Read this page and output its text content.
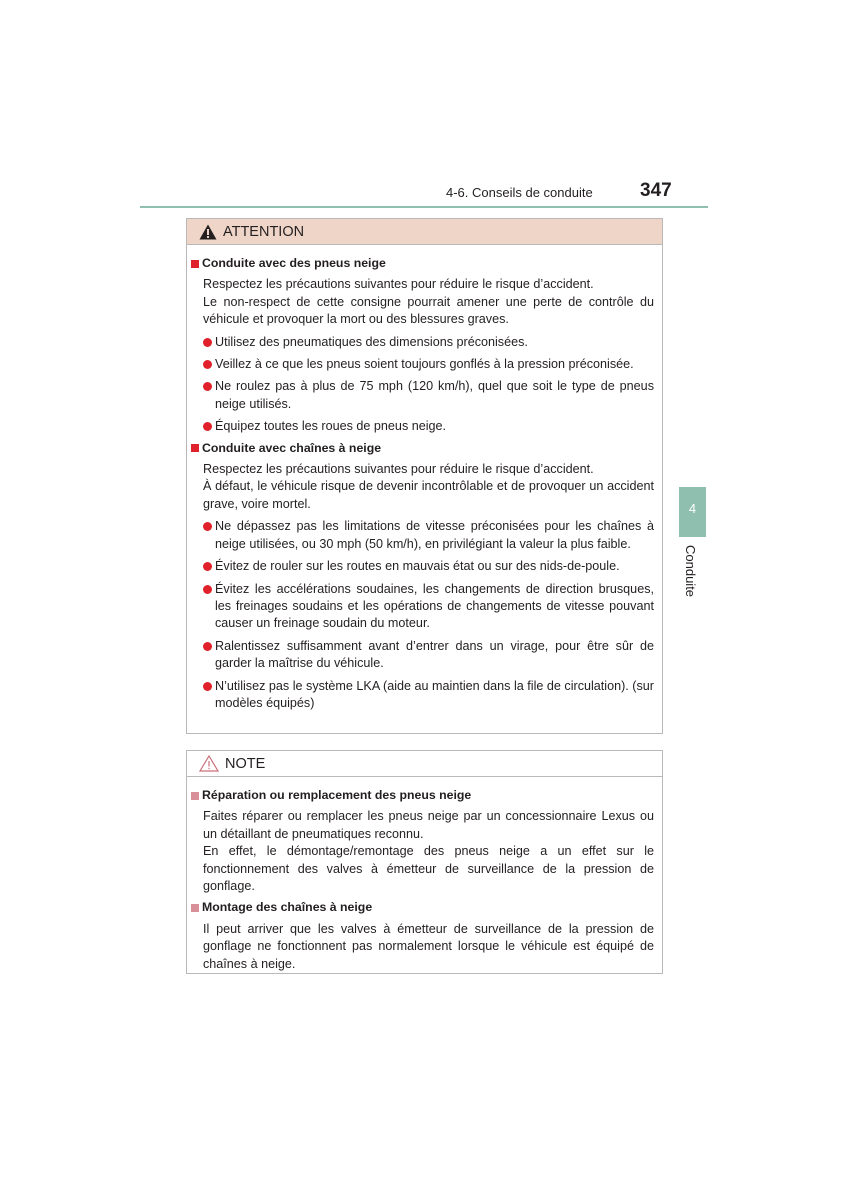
4-6. Conseils de conduite 347
4
Conduite
ATTENTION
Conduite avec des pneus neige
Respectez les précautions suivantes pour réduire le risque d’accident.
Le non-respect de cette consigne pourrait amener une perte de contrôle du véhicule et provoquer la mort ou des blessures graves.
Utilisez des pneumatiques des dimensions préconisées.
Veillez à ce que les pneus soient toujours gonflés à la pression préconisée.
Ne roulez pas à plus de 75 mph (120 km/h), quel que soit le type de pneus neige utilisés.
Équipez toutes les roues de pneus neige.
Conduite avec chaînes à neige
Respectez les précautions suivantes pour réduire le risque d’accident.
À défaut, le véhicule risque de devenir incontrôlable et de provoquer un accident grave, voire mortel.
Ne dépassez pas les limitations de vitesse préconisées pour les chaînes à neige utilisées, ou 30 mph (50 km/h), en privilégiant la valeur la plus faible.
Évitez de rouler sur les routes en mauvais état ou sur des nids-de-poule.
Évitez les accélérations soudaines, les changements de direction brusques, les freinages soudains et les opérations de changements de vitesse pouvant causer un freinage soudain du moteur.
Ralentissez suffisamment avant d’entrer dans un virage, pour être sûr de garder la maîtrise du véhicule.
N’utilisez pas le système LKA (aide au maintien dans la file de circulation). (sur modèles équipés)
NOTE
Réparation ou remplacement des pneus neige
Faites réparer ou remplacer les pneus neige par un concessionnaire Lexus ou un détaillant de pneumatiques reconnu.
En effet, le démontage/remontage des pneus neige a un effet sur le fonctionnement des valves à émetteur de surveillance de la pression de gonflage.
Montage des chaînes à neige
Il peut arriver que les valves à émetteur de surveillance de la pression de gonflage ne fonctionnent pas normalement lorsque le véhicule est équipé de chaînes à neige.
